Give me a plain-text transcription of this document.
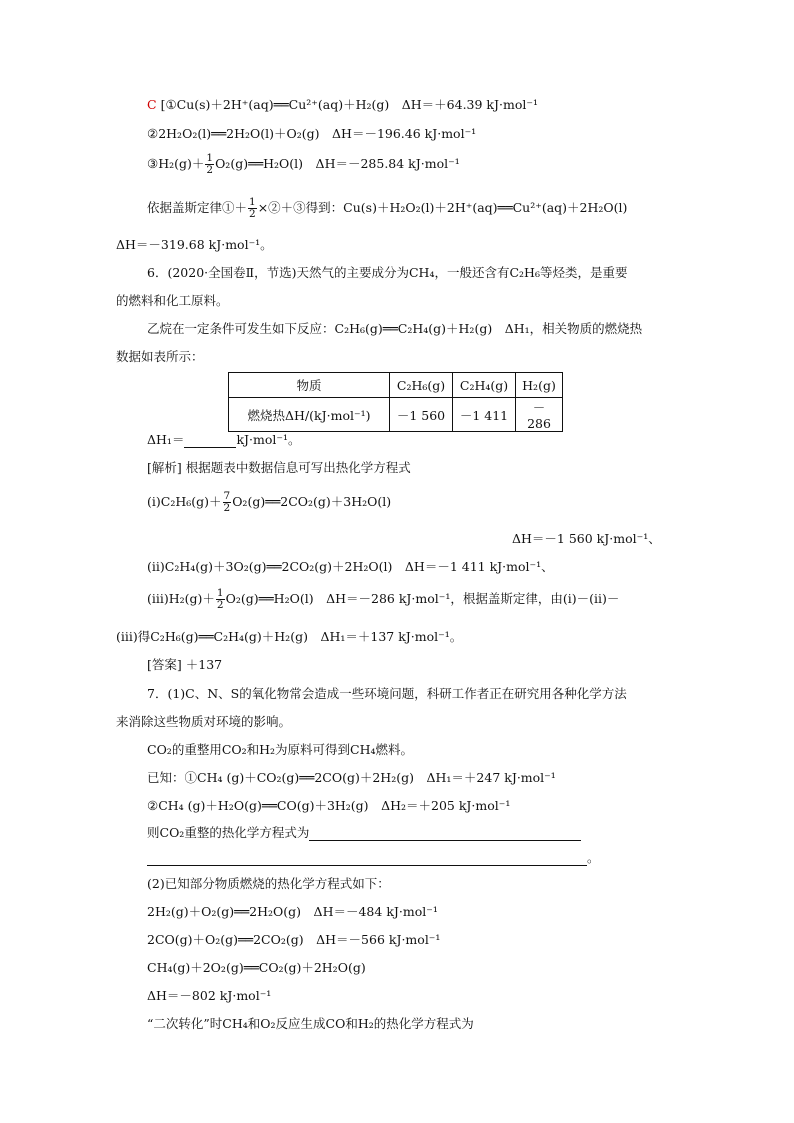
C [①Cu(s)＋2H⁺(aq)══Cu²⁺(aq)＋H₂(g)　ΔH＝＋64.39 kJ·mol⁻¹
②2H₂O₂(l)══2H₂O(l)＋O₂(g)　ΔH＝－196.46 kJ·mol⁻¹
③H₂(g)＋ $\frac{1}{2}$ O₂(g)══H₂O(l)　ΔH＝－285.84 kJ·mol⁻¹
依据盖斯定律①＋ $\frac{1}{2}$ ×②＋③得到：Cu(s)＋H₂O₂(l)＋2H⁺(aq)══Cu²⁺(aq)＋2H₂O(l)
ΔH＝－319.68 kJ·mol⁻¹。
6．(2020·全国卷Ⅱ，节选)天然气的主要成分为CH₄，一般还含有C₂H₆等烃类，是重要
的燃料和化工原料。
乙烷在一定条件可发生如下反应：C₂H₆(g)══C₂H₄(g)＋H₂(g)　ΔH₁，相关物质的燃烧热
数据如表所示：
物质	C₂H₆(g)	C₂H₄(g)	H₂(g)
燃烧热ΔH/(kJ·mol⁻¹)	－1 560	－1 411	－286
ΔH₁＝	kJ·mol⁻¹。
[解析] 根据题表中数据信息可写出热化学方程式
(ⅰ)C₂H₆(g)＋ $\frac{7}{2}$ O₂(g)══2CO₂(g)＋3H₂O(l)
ΔH＝－1 560 kJ·mol⁻¹、
(ⅱ)C₂H₄(g)＋3O₂(g)══2CO₂(g)＋2H₂O(l)　ΔH＝－1 411 kJ·mol⁻¹、
(ⅲ)H₂(g)＋ $\frac{1}{2}$ O₂(g)══H₂O(l)　ΔH＝－286 kJ·mol⁻¹，根据盖斯定律，由(ⅰ)－(ⅱ)－
(ⅲ)得C₂H₆(g)══C₂H₄(g)＋H₂(g)　ΔH₁＝＋137 kJ·mol⁻¹。
[答案] ＋137
7．(1)C、N、S的氧化物常会造成一些环境问题，科研工作者正在研究用各种化学方法
来消除这些物质对环境的影响。
CO₂的重整用CO₂和H₂为原料可得到CH₄燃料。
已知：①CH₄ (g)＋CO₂(g)══2CO(g)＋2H₂(g)　ΔH₁＝＋247 kJ·mol⁻¹
②CH₄ (g)＋H₂O(g)══CO(g)＋3H₂(g)　ΔH₂＝＋205 kJ·mol⁻¹
则CO₂重整的热化学方程式为
。
(2)已知部分物质燃烧的热化学方程式如下：
2H₂(g)＋O₂(g)══2H₂O(g)　ΔH＝－484 kJ·mol⁻¹
2CO(g)＋O₂(g)══2CO₂(g)　ΔH＝－566 kJ·mol⁻¹
CH₄(g)＋2O₂(g)══CO₂(g)＋2H₂O(g)
ΔH＝－802 kJ·mol⁻¹
“二次转化”时CH₄和O₂反应生成CO和H₂的热化学方程式为
